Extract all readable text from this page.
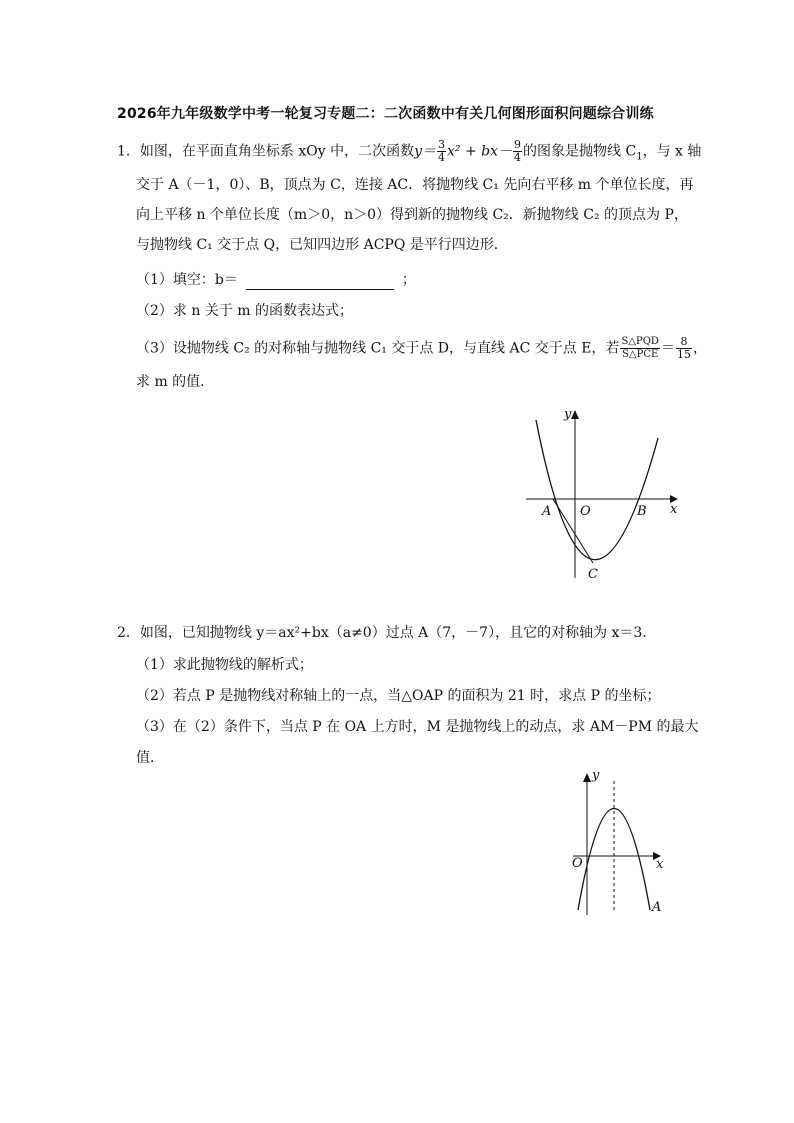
2026年九年级数学中考一轮复习专题二：二次函数中有关几何图形面积问题综合训练
1．如图，在平面直角坐标系 xOy 中，二次函数$y= \frac{3}{4} x^2 + bx- \frac{9}{4}$ 的图象是抛物线 $C_1$，与 x 轴
交于 A（－1，0）、B，顶点为 C，连接 AC．将抛物线 C₁ 先向右平移 m 个单位长度，再
向上平移 n 个单位长度（m＞0，n＞0）得到新的抛物线 C₂．新抛物线 C₂ 的顶点为 P，
与抛物线 C₁ 交于点 Q，已知四边形 ACPQ 是平行四边形．
（1）填空：b＝	；
（2）求 n 关于 m 的函数表达式；
（3）设抛物线 C₂ 的对称轴与抛物线 C₁ 交于点 D，与直线 AC 交于点 E，若 $\frac{\text{S△PQD}}{\text{S△PCE}} = \frac{8}{15}$ ，
求 m 的值．
y
x
A O	B
C
2．如图，已知抛物线 y＝ax²+bx（a≠0）过点 A（7，－7），且它的对称轴为 x＝3．
（1）求此抛物线的解析式；
（2）若点 P 是抛物线对称轴上的一点，当△OAP 的面积为 21 时，求点 P 的坐标；
（3）在（2）条件下，当点 P 在 OA 上方时，M 是抛物线上的动点，求 AM－PM 的最大
值．
y
x
O
A
